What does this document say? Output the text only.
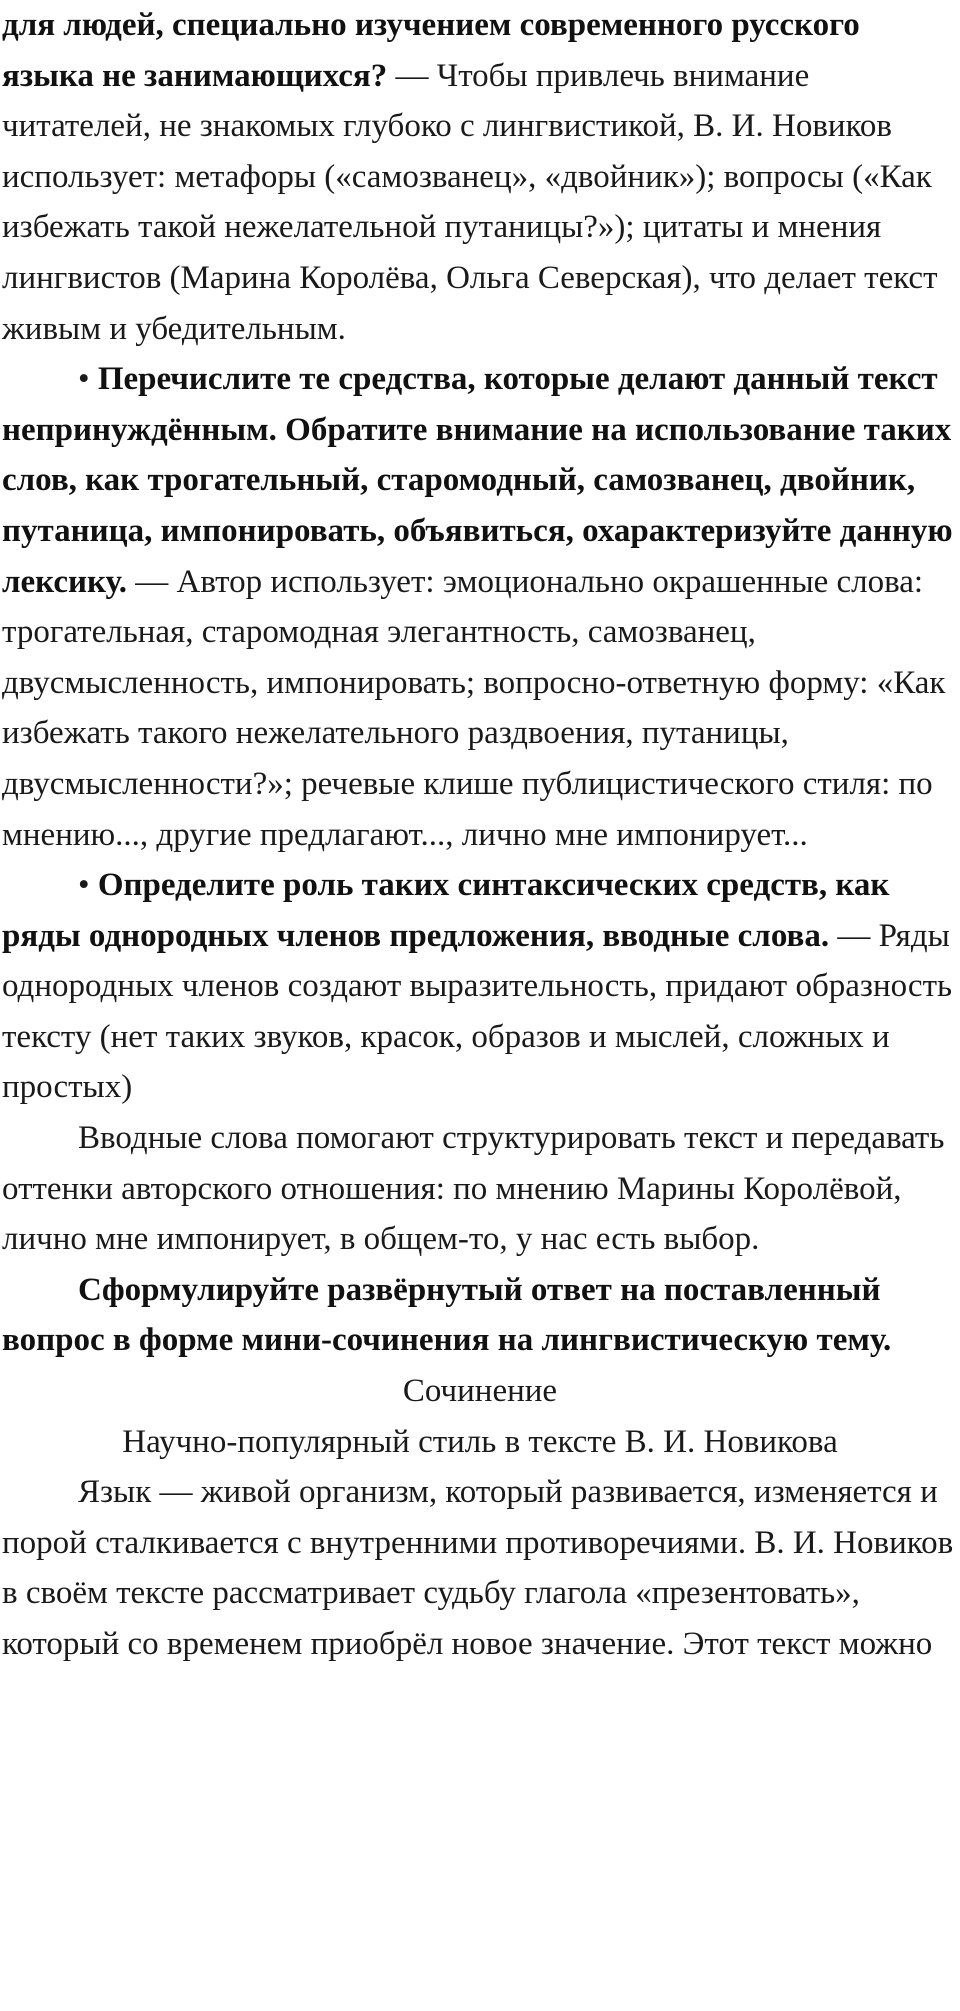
для людей, специально изучением современного русского языка не занимающихся? — Чтобы привлечь внимание читателей, не знакомых глубоко с лингвистикой, В. И. Новиков использует: метафоры («самозванец», «двойник»); вопросы («Как избежать такой нежелательной путаницы?»); цитаты и мнения лингвистов (Марина Королёва, Ольга Северская), что делает текст живым и убедительным.

• Перечислите те средства, которые делают данный текст непринуждённым. Обратите внимание на использование таких слов, как трогательный, старомодный, самозванец, двойник, путаница, импонировать, объявиться, охарактеризуйте данную лексику. — Автор использует: эмоционально окрашенные слова: трогательная, старомодная элегантность, самозванец, двусмысленность, импонировать; вопросно-ответную форму: «Как избежать такого нежелательного раздвоения, путаницы, двусмысленности?»; речевые клише публицистического стиля: по мнению..., другие предлагают..., лично мне импонирует...

• Определите роль таких синтаксических средств, как ряды однородных членов предложения, вводные слова. — Ряды однородных членов создают выразительность, придают образность тексту (нет таких звуков, красок, образов и мыслей, сложных и простых)

Вводные слова помогают структурировать текст и передавать оттенки авторского отношения: по мнению Марины Королёвой, лично мне импонирует, в общем-то, у нас есть выбор.

Сформулируйте развёрнутый ответ на поставленный вопрос в форме мини-сочинения на лингвистическую тему.

Сочинение

Научно-популярный стиль в тексте В. И. Новикова

Язык — живой организм, который развивается, изменяется и порой сталкивается с внутренними противоречиями. В. И. Новиков в своём тексте рассматривает судьбу глагола «презентовать», который со временем приобрёл новое значение. Этот текст можно
